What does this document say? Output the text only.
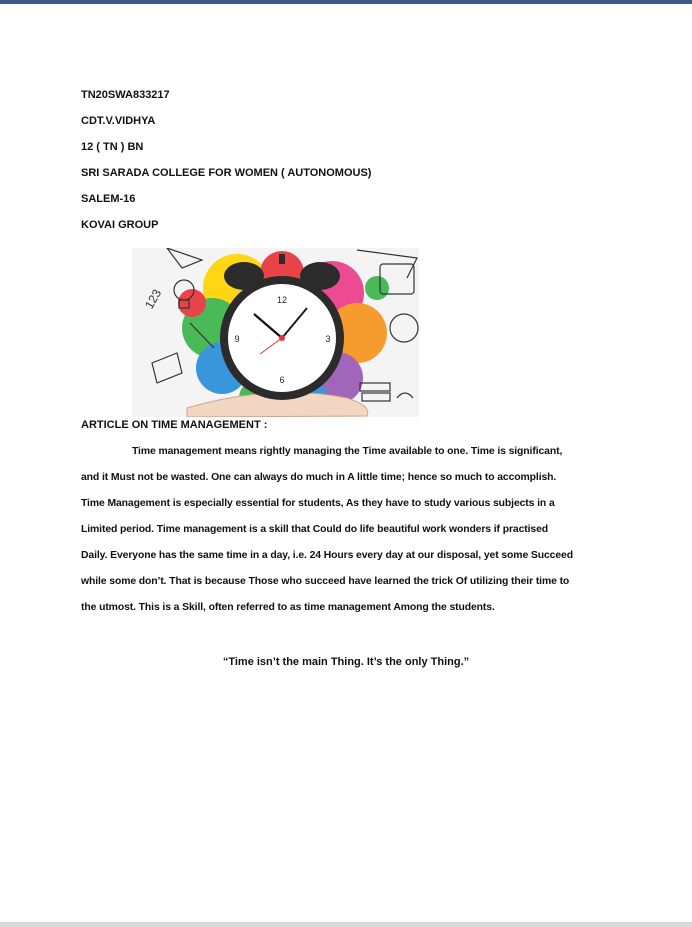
TN20SWA833217
CDT.V.VIDHYA
12 ( TN ) BN
SRI SARADA COLLEGE FOR WOMEN ( AUTONOMOUS)
SALEM-16
KOVAI GROUP
123	12
3
6
9
ARTICLE ON TIME MANAGEMENT :
Time management means rightly managing the Time available to one. Time is significant,
and it Must not be wasted. One can always do much in A little time; hence so much to accomplish.
Time Management is especially essential for students, As they have to study various subjects in a
Limited period. Time management is a skill that Could do life beautiful work wonders if practised
Daily. Everyone has the same time in a day, i.e. 24 Hours every day at our disposal, yet some Succeed
while some don’t. That is because Those who succeed have learned the trick Of utilizing their time to
the utmost. This is a Skill, often referred to as time management Among the students.
“Time isn’t the main Thing. It’s the only Thing.”
